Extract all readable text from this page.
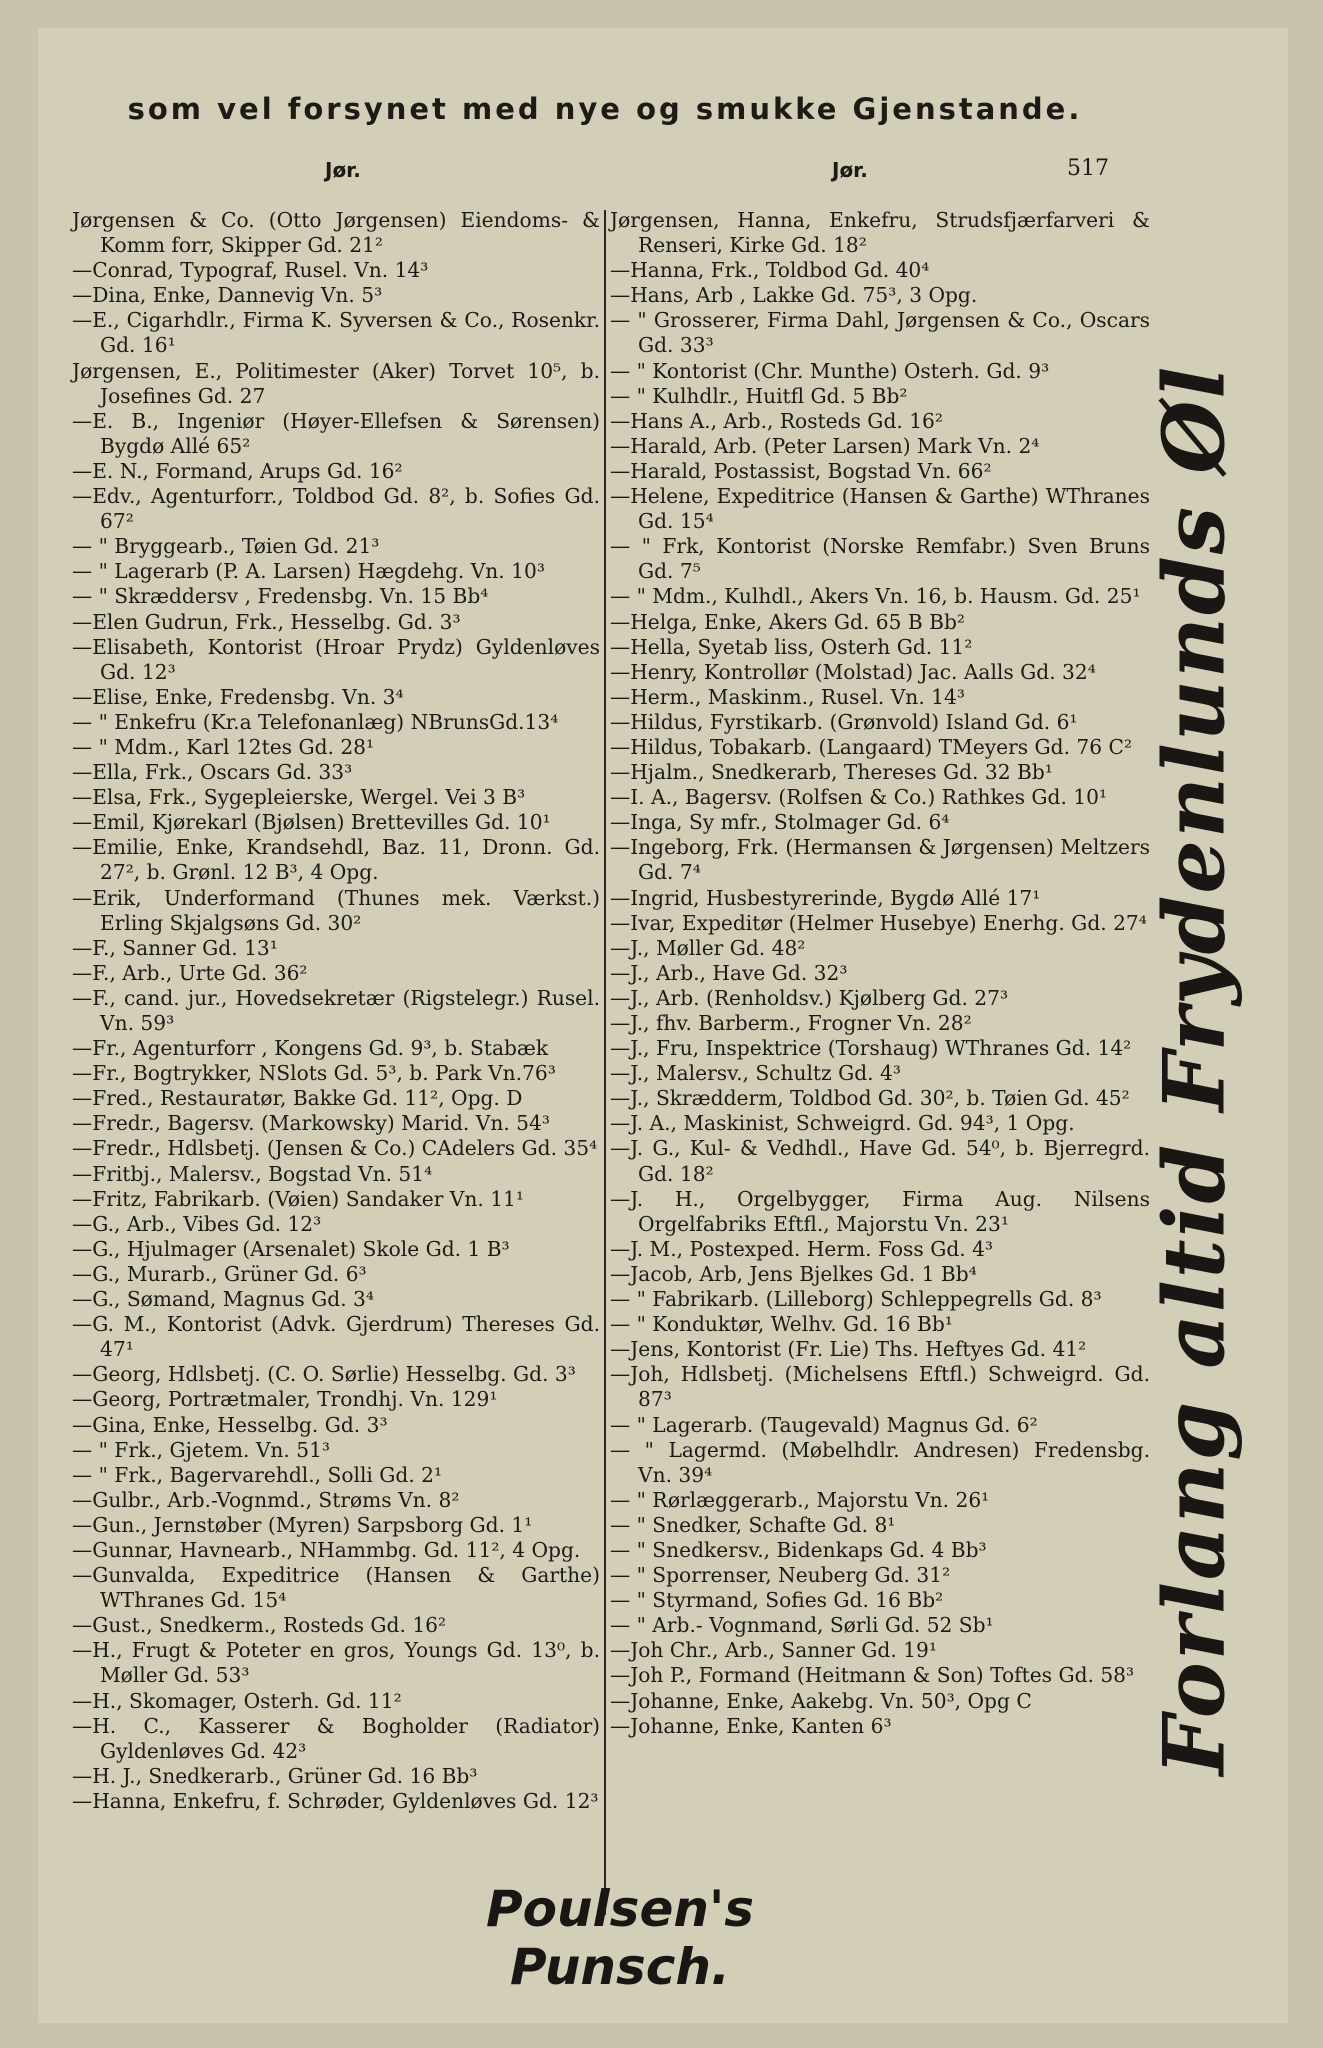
som vel forsynet med nye og smukke Gjenstande.
Jør.	Jør.	517

Jørgensen & Co. (Otto Jørgensen) Eiendoms- & Komm forr, Skipper Gd. 21²

—Conrad, Typograf, Rusel. Vn. 14³

—Dina, Enke, Dannevig Vn. 5³

—E., Cigarhdlr., Firma K. Syversen & Co., Rosenkr. Gd. 16¹

Jørgensen, E., Politimester (Aker) Torvet 10⁵, b. Josefines Gd. 27

—E. B., Ingeniør (Høyer-Ellefsen & Sørensen) Bygdø Allé 65²

—E. N., Formand, Arups Gd. 16²

—Edv., Agenturforr., Toldbod Gd. 8², b. Sofies Gd. 67²

— " Bryggearb., Tøien Gd. 21³

— " Lagerarb (P. A. Larsen) Hægdehg. Vn. 10³

— " Skræddersv , Fredensbg. Vn. 15 Bb⁴

—Elen Gudrun, Frk., Hesselbg. Gd. 3³

—Elisabeth, Kontorist (Hroar Prydz) Gyldenløves Gd. 12³

—Elise, Enke, Fredensbg. Vn. 3⁴

— " Enkefru (Kr.a Telefonanlæg) NBrunsGd.13⁴

— " Mdm., Karl 12tes Gd. 28¹

—Ella, Frk., Oscars Gd. 33³

—Elsa, Frk., Sygepleierske, Wergel. Vei 3 B³

—Emil, Kjørekarl (Bjølsen) Brettevilles Gd. 10¹

—Emilie, Enke, Krandsehdl, Baz. 11, Dronn. Gd. 27², b. Grønl. 12 B³, 4 Opg.

—Erik, Underformand (Thunes mek. Værkst.) Erling Skjalgsøns Gd. 30²

—F., Sanner Gd. 13¹

—F., Arb., Urte Gd. 36²

—F., cand. jur., Hovedsekretær (Rigstelegr.) Rusel. Vn. 59³

—Fr., Agenturforr , Kongens Gd. 9³, b. Stabæk

—Fr., Bogtrykker, NSlots Gd. 5³, b. Park Vn.76³

—Fred., Restauratør, Bakke Gd. 11², Opg. D

—Fredr., Bagersv. (Markowsky) Marid. Vn. 54³

—Fredr., Hdlsbetj. (Jensen & Co.) CAdelers Gd. 35⁴

—Fritbj., Malersv., Bogstad Vn. 51⁴

—Fritz, Fabrikarb. (Vøien) Sandaker Vn. 11¹

—G., Arb., Vibes Gd. 12³

—G., Hjulmager (Arsenalet) Skole Gd. 1 B³

—G., Murarb., Grüner Gd. 6³

—G., Sømand, Magnus Gd. 3⁴

—G. M., Kontorist (Advk. Gjerdrum) Thereses Gd. 47¹

—Georg, Hdlsbetj. (C. O. Sørlie) Hesselbg. Gd. 3³

—Georg, Portrætmaler, Trondhj. Vn. 129¹

—Gina, Enke, Hesselbg. Gd. 3³

— " Frk., Gjetem. Vn. 51³

— " Frk., Bagervarehdl., Solli Gd. 2¹

—Gulbr., Arb.-Vognmd., Strøms Vn. 8²

—Gun., Jernstøber (Myren) Sarpsborg Gd. 1¹

—Gunnar, Havnearb., NHammbg. Gd. 11², 4 Opg.

—Gunvalda, Expeditrice (Hansen & Garthe) WThranes Gd. 15⁴

—Gust., Snedkerm., Rosteds Gd. 16²

—H., Frugt & Poteter en gros, Youngs Gd. 13⁰, b. Møller Gd. 53³

—H., Skomager, Osterh. Gd. 11²

—H. C., Kasserer & Bogholder (Radiator) Gyldenløves Gd. 42³

—H. J., Snedkerarb., Grüner Gd. 16 Bb³

—Hanna, Enkefru, f. Schrøder, Gyldenløves Gd. 12³

Jørgensen, Hanna, Enkefru, Strudsfjærfarveri & Renseri, Kirke Gd. 18²

—Hanna, Frk., Toldbod Gd. 40⁴

—Hans, Arb , Lakke Gd. 75³, 3 Opg.

— " Grosserer, Firma Dahl, Jørgensen & Co., Oscars Gd. 33³

— " Kontorist (Chr. Munthe) Osterh. Gd. 9³

— " Kulhdlr., Huitfl Gd. 5 Bb²

—Hans A., Arb., Rosteds Gd. 16²

—Harald, Arb. (Peter Larsen) Mark Vn. 2⁴

—Harald, Postassist, Bogstad Vn. 66²

—Helene, Expeditrice (Hansen & Garthe) WThranes Gd. 15⁴

— " Frk, Kontorist (Norske Remfabr.) Sven Bruns Gd. 7⁵

— " Mdm., Kulhdl., Akers Vn. 16, b. Hausm. Gd. 25¹

—Helga, Enke, Akers Gd. 65 B Bb²

—Hella, Syetab liss, Osterh Gd. 11²

—Henry, Kontrollør (Molstad) Jac. Aalls Gd. 32⁴

—Herm., Maskinm., Rusel. Vn. 14³

—Hildus, Fyrstikarb. (Grønvold) Island Gd. 6¹

—Hildus, Tobakarb. (Langaard) TMeyers Gd. 76 C²

—Hjalm., Snedkerarb, Thereses Gd. 32 Bb¹

—I. A., Bagersv. (Rolfsen & Co.) Rathkes Gd. 10¹

—Inga, Sy mfr., Stolmager Gd. 6⁴

—Ingeborg, Frk. (Hermansen & Jørgensen) Meltzers Gd. 7⁴

—Ingrid, Husbestyrerinde, Bygdø Allé 17¹

—Ivar, Expeditør (Helmer Husebye) Enerhg. Gd. 27⁴

—J., Møller Gd. 48²

—J., Arb., Have Gd. 32³

—J., Arb. (Renholdsv.) Kjølberg Gd. 27³

—J., fhv. Barberm., Frogner Vn. 28²

—J., Fru, Inspektrice (Torshaug) WThranes Gd. 14²

—J., Malersv., Schultz Gd. 4³

—J., Skrædderm, Toldbod Gd. 30², b. Tøien Gd. 45²

—J. A., Maskinist, Schweigrd. Gd. 94³, 1 Opg.

—J. G., Kul- & Vedhdl., Have Gd. 54⁰, b. Bjerregrd. Gd. 18²

—J. H., Orgelbygger, Firma Aug. Nilsens Orgelfabriks Eftfl., Majorstu Vn. 23¹

—J. M., Postexped. Herm. Foss Gd. 4³

—Jacob, Arb, Jens Bjelkes Gd. 1 Bb⁴

— " Fabrikarb. (Lilleborg) Schleppegrells Gd. 8³

— " Konduktør, Welhv. Gd. 16 Bb¹

—Jens, Kontorist (Fr. Lie) Ths. Heftyes Gd. 41²

—Joh, Hdlsbetj. (Michelsens Eftfl.) Schweigrd. Gd. 87³

— " Lagerarb. (Taugevald) Magnus Gd. 6²

— " Lagermd. (Møbelhdlr. Andresen) Fredensbg. Vn. 39⁴

— " Rørlæggerarb., Majorstu Vn. 26¹

— " Snedker, Schafte Gd. 8¹

— " Snedkersv., Bidenkaps Gd. 4 Bb³

— " Sporrenser, Neuberg Gd. 31²

— " Styrmand, Sofies Gd. 16 Bb²

— " Arb.- Vognmand, Sørli Gd. 52 Sb¹

—Joh Chr., Arb., Sanner Gd. 19¹

—Joh P., Formand (Heitmann & Son) Toftes Gd. 58³

—Johanne, Enke, Aakebg. Vn. 50³, Opg C

—Johanne, Enke, Kanten 6³	Forlang altid Frydenlunds Øl
Poulsen's Punsch.
